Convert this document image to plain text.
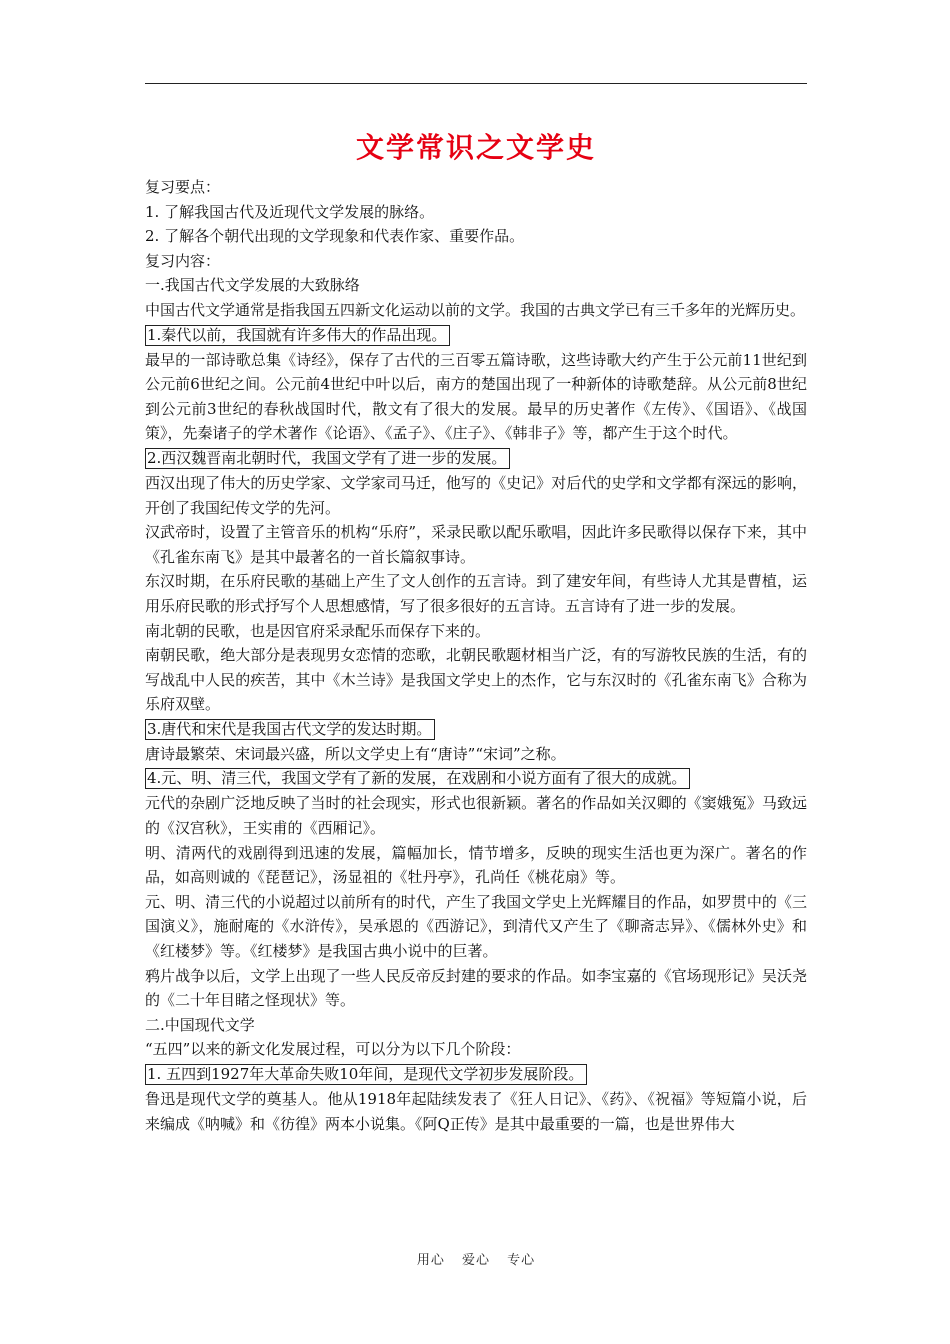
文学常识之文学史

复习要点：

1. 了解我国古代及近现代文学发展的脉络。

2. 了解各个朝代出现的文学现象和代表作家、重要作品。

复习内容：

一.我国古代文学发展的大致脉络

中国古代文学通常是指我国五四新文化运动以前的文学。我国的古典文学已有三千多年的光辉历史。

1.秦代以前，我国就有许多伟大的作品出现。

最早的一部诗歌总集《诗经》，保存了古代的三百零五篇诗歌，这些诗歌大约产生于公元前11世纪到公元前6世纪之间。公元前4世纪中叶以后，南方的楚国出现了一种新体的诗歌楚辞。从公元前8世纪到公元前3世纪的春秋战国时代，散文有了很大的发展。最早的历史著作《左传》、《国语》、《战国策》，先秦诸子的学术著作《论语》、《孟子》、《庄子》、《韩非子》等，都产生于这个时代。

2.西汉魏晋南北朝时代，我国文学有了进一步的发展。

西汉出现了伟大的历史学家、文学家司马迁，他写的《史记》对后代的史学和文学都有深远的影响，开创了我国纪传文学的先河。

汉武帝时，设置了主管音乐的机构“乐府”，采录民歌以配乐歌唱，因此许多民歌得以保存下来，其中《孔雀东南飞》是其中最著名的一首长篇叙事诗。

东汉时期，在乐府民歌的基础上产生了文人创作的五言诗。到了建安年间，有些诗人尤其是曹植，运用乐府民歌的形式抒写个人思想感情，写了很多很好的五言诗。五言诗有了进一步的发展。

南北朝的民歌，也是因官府采录配乐而保存下来的。

南朝民歌，绝大部分是表现男女恋情的恋歌，北朝民歌题材相当广泛，有的写游牧民族的生活，有的写战乱中人民的疾苦，其中《木兰诗》是我国文学史上的杰作，它与东汉时的《孔雀东南飞》合称为乐府双壁。

3.唐代和宋代是我国古代文学的发达时期。

唐诗最繁荣、宋词最兴盛，所以文学史上有“唐诗”“宋词”之称。

4.元、明、清三代，我国文学有了新的发展，在戏剧和小说方面有了很大的成就。

元代的杂剧广泛地反映了当时的社会现实，形式也很新颖。著名的作品如关汉卿的《窦娥冤》马致远的《汉宫秋》，王实甫的《西厢记》。

明、清两代的戏剧得到迅速的发展，篇幅加长，情节增多，反映的现实生活也更为深广。著名的作品，如高则诚的《琵琶记》，汤显祖的《牡丹亭》，孔尚任《桃花扇》等。

元、明、清三代的小说超过以前所有的时代，产生了我国文学史上光辉耀目的作品，如罗贯中的《三国演义》，施耐庵的《水浒传》，吴承恩的《西游记》，到清代又产生了《聊斋志异》、《儒林外史》和《红楼梦》等。《红楼梦》是我国古典小说中的巨著。

鸦片战争以后，文学上出现了一些人民反帝反封建的要求的作品。如李宝嘉的《官场现形记》吴沃尧的《二十年目睹之怪现状》等。

二.中国现代文学

“五四”以来的新文化发展过程，可以分为以下几个阶段：

1. 五四到1927年大革命失败10年间，是现代文学初步发展阶段。

鲁迅是现代文学的奠基人。他从1918年起陆续发表了《狂人日记》、《药》、《祝福》等短篇小说，后来编成《呐喊》和《彷徨》两本小说集。《阿Q正传》是其中最重要的一篇，也是世界伟大

用心 爱心 专心
